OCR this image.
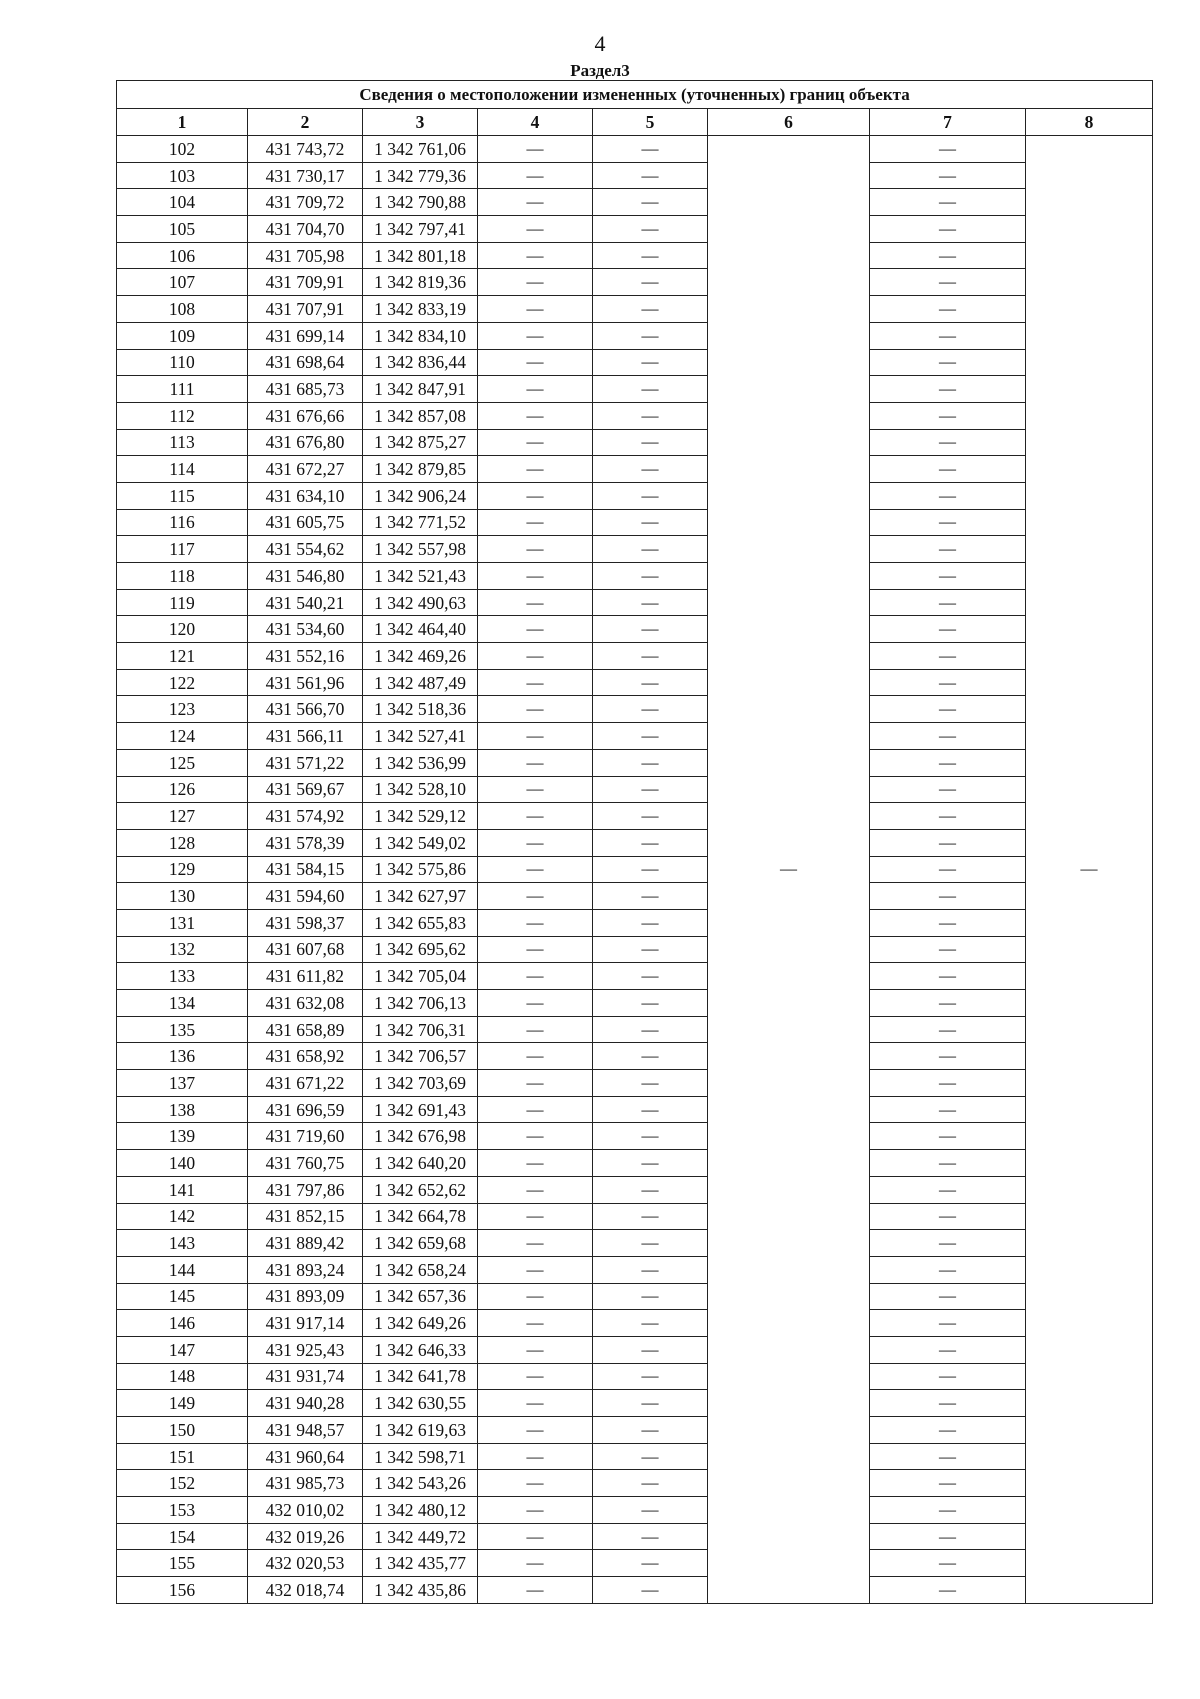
4
Раздел3
Сведения о местоположении измененных (уточненных) границ объекта							
1	2	3	4	5	6	7	8
102	431 743,72	1 342 761,06	—	—	—	—	—
103	431 730,17	1 342 779,36	—	—		—	
104	431 709,72	1 342 790,88	—	—		—	
105	431 704,70	1 342 797,41	—	—		—	
106	431 705,98	1 342 801,18	—	—		—	
107	431 709,91	1 342 819,36	—	—		—	
108	431 707,91	1 342 833,19	—	—		—	
109	431 699,14	1 342 834,10	—	—		—	
110	431 698,64	1 342 836,44	—	—		—	
111	431 685,73	1 342 847,91	—	—		—	
112	431 676,66	1 342 857,08	—	—		—	
113	431 676,80	1 342 875,27	—	—		—	
114	431 672,27	1 342 879,85	—	—		—	
115	431 634,10	1 342 906,24	—	—		—	
116	431 605,75	1 342 771,52	—	—		—	
117	431 554,62	1 342 557,98	—	—		—	
118	431 546,80	1 342 521,43	—	—		—	
119	431 540,21	1 342 490,63	—	—		—	
120	431 534,60	1 342 464,40	—	—		—	
121	431 552,16	1 342 469,26	—	—		—	
122	431 561,96	1 342 487,49	—	—		—	
123	431 566,70	1 342 518,36	—	—		—	
124	431 566,11	1 342 527,41	—	—		—	
125	431 571,22	1 342 536,99	—	—		—	
126	431 569,67	1 342 528,10	—	—		—	
127	431 574,92	1 342 529,12	—	—		—	
128	431 578,39	1 342 549,02	—	—		—	
129	431 584,15	1 342 575,86	—	—		—	
130	431 594,60	1 342 627,97	—	—		—	
131	431 598,37	1 342 655,83	—	—		—	
132	431 607,68	1 342 695,62	—	—		—	
133	431 611,82	1 342 705,04	—	—		—	
134	431 632,08	1 342 706,13	—	—		—	
135	431 658,89	1 342 706,31	—	—		—	
136	431 658,92	1 342 706,57	—	—		—	
137	431 671,22	1 342 703,69	—	—		—	
138	431 696,59	1 342 691,43	—	—		—	
139	431 719,60	1 342 676,98	—	—		—	
140	431 760,75	1 342 640,20	—	—		—	
141	431 797,86	1 342 652,62	—	—		—	
142	431 852,15	1 342 664,78	—	—		—	
143	431 889,42	1 342 659,68	—	—		—	
144	431 893,24	1 342 658,24	—	—		—	
145	431 893,09	1 342 657,36	—	—		—	
146	431 917,14	1 342 649,26	—	—		—	
147	431 925,43	1 342 646,33	—	—		—	
148	431 931,74	1 342 641,78	—	—		—	
149	431 940,28	1 342 630,55	—	—		—	
150	431 948,57	1 342 619,63	—	—		—	
151	431 960,64	1 342 598,71	—	—		—	
152	431 985,73	1 342 543,26	—	—		—	
153	432 010,02	1 342 480,12	—	—		—	
154	432 019,26	1 342 449,72	—	—		—	
155	432 020,53	1 342 435,77	—	—		—	
156	432 018,74	1 342 435,86	—	—		—	
